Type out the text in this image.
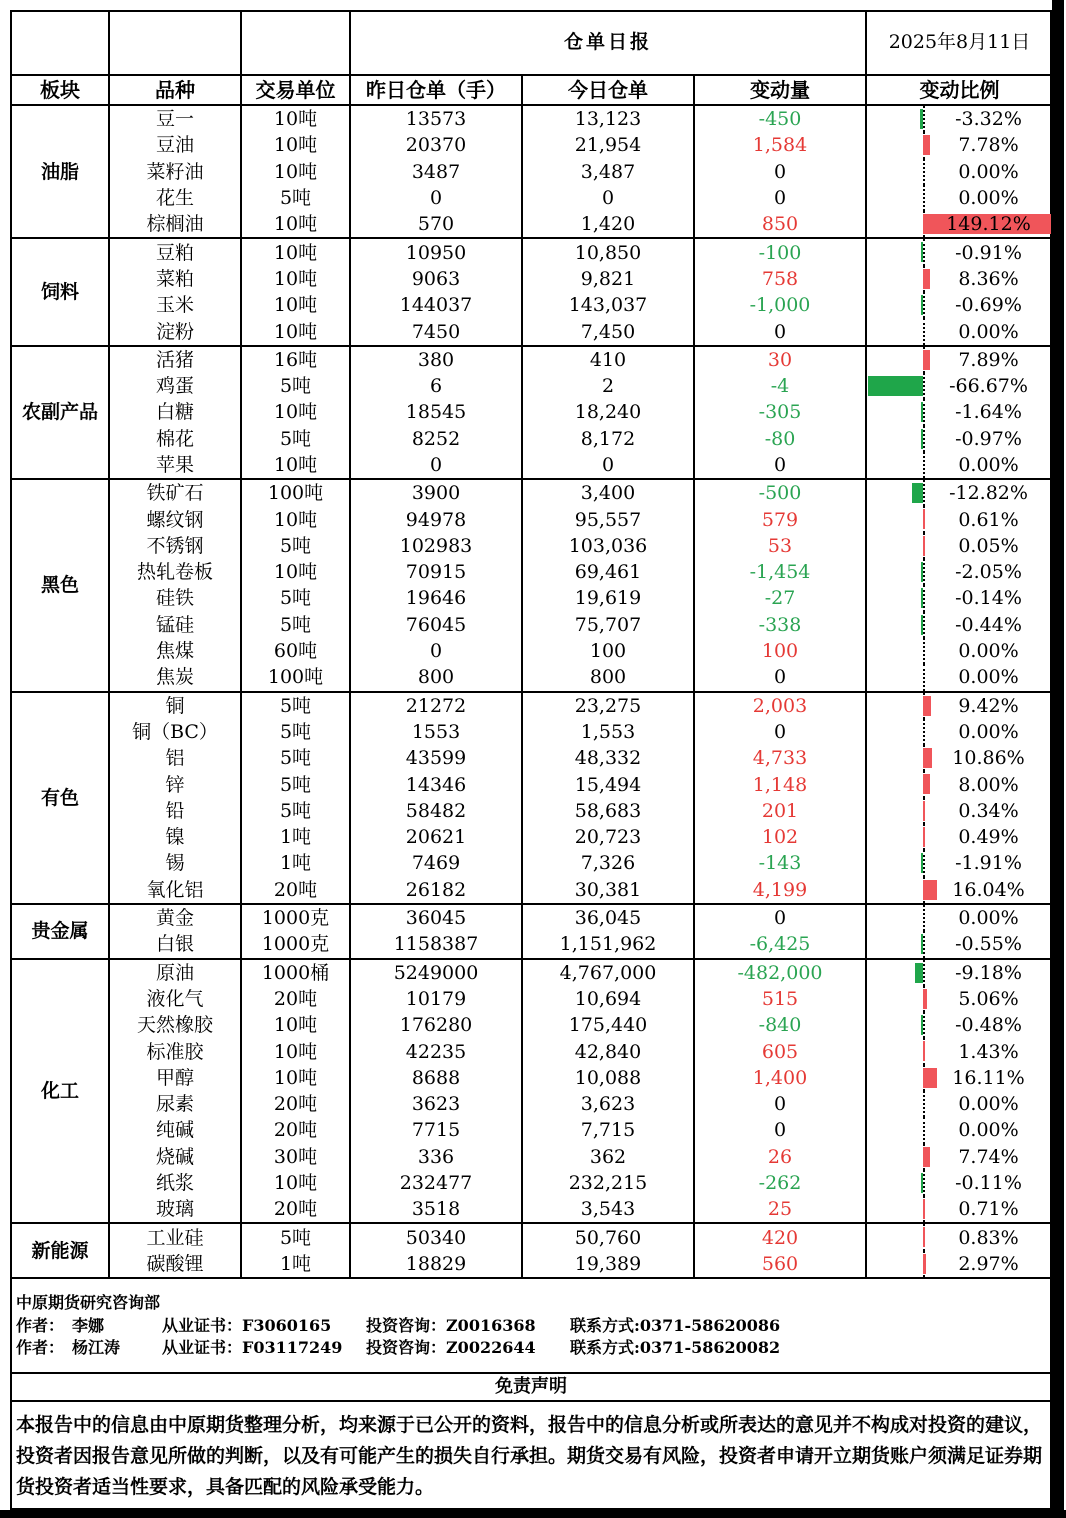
			仓单日报			2025年8月11日
板块	品种	交易单位	昨日仓单（手）	今日仓单	变动量	变动比例
油脂	豆一	10吨	13573	13,123	-450	-3.32%
	豆油	10吨	20370	21,954	1,584	7.78%
	菜籽油	10吨	3487	3,487	0	0.00%
	花生	5吨	0	0	0	0.00%
	棕榈油	10吨	570	1,420	850	149.12%
饲料	豆粕	10吨	10950	10,850	-100	-0.91%
	菜粕	10吨	9063	9,821	758	8.36%
	玉米	10吨	144037	143,037	-1,000	-0.69%
	淀粉	10吨	7450	7,450	0	0.00%
农副产品	活猪	16吨	380	410	30	7.89%
	鸡蛋	5吨	6	2	-4	-66.67%
	白糖	10吨	18545	18,240	-305	-1.64%
	棉花	5吨	8252	8,172	-80	-0.97%
	苹果	10吨	0	0	0	0.00%
黑色	铁矿石	100吨	3900	3,400	-500	-12.82%
	螺纹钢	10吨	94978	95,557	579	0.61%
	不锈钢	5吨	102983	103,036	53	0.05%
	热轧卷板	10吨	70915	69,461	-1,454	-2.05%
	硅铁	5吨	19646	19,619	-27	-0.14%
	锰硅	5吨	76045	75,707	-338	-0.44%
	焦煤	60吨	0	100	100	0.00%
	焦炭	100吨	800	800	0	0.00%
有色	铜	5吨	21272	23,275	2,003	9.42%
	铜（BC）	5吨	1553	1,553	0	0.00%
	铝	5吨	43599	48,332	4,733	10.86%
	锌	5吨	14346	15,494	1,148	8.00%
	铅	5吨	58482	58,683	201	0.34%
	镍	1吨	20621	20,723	102	0.49%
	锡	1吨	7469	7,326	-143	-1.91%
	氧化铝	20吨	26182	30,381	4,199	16.04%
贵金属	黄金	1000克	36045	36,045	0	0.00%
	白银	1000克	1158387	1,151,962	-6,425	-0.55%
化工	原油	1000桶	5249000	4,767,000	-482,000	-9.18%
	液化气	20吨	10179	10,694	515	5.06%
	天然橡胶	10吨	176280	175,440	-840	-0.48%
	标准胶	10吨	42235	42,840	605	1.43%
	甲醇	10吨	8688	10,088	1,400	16.11%
	尿素	20吨	3623	3,623	0	0.00%
	纯碱	20吨	7715	7,715	0	0.00%
	烧碱	30吨	336	362	26	7.74%
	纸浆	10吨	232477	232,215	-262	-0.11%
	玻璃	20吨	3518	3,543	25	0.71%
新能源	工业硅	5吨	50340	50,760	420	0.83%
	碳酸锂	1吨	18829	19,389	560	2.97%
中原期货研究咨询部
作者： 李娜	从业证书：F3060165 投资咨询：Z0016368 联系方式:0371-58620086
作者： 杨江涛	从业证书：F03117249 投资咨询：Z0022644 联系方式:0371-58620082
免责声明
本报告中的信息由中原期货整理分析，均来源于已公开的资料，报告中的信息分析或所表达的意见并不构成对投资的建议，投资者因报告意见所做的判断，以及有可能产生的损失自行承担。期货交易有风险，投资者申请开立期货账户须满足证券期货投资者适当性要求，具备匹配的风险承受能力。
